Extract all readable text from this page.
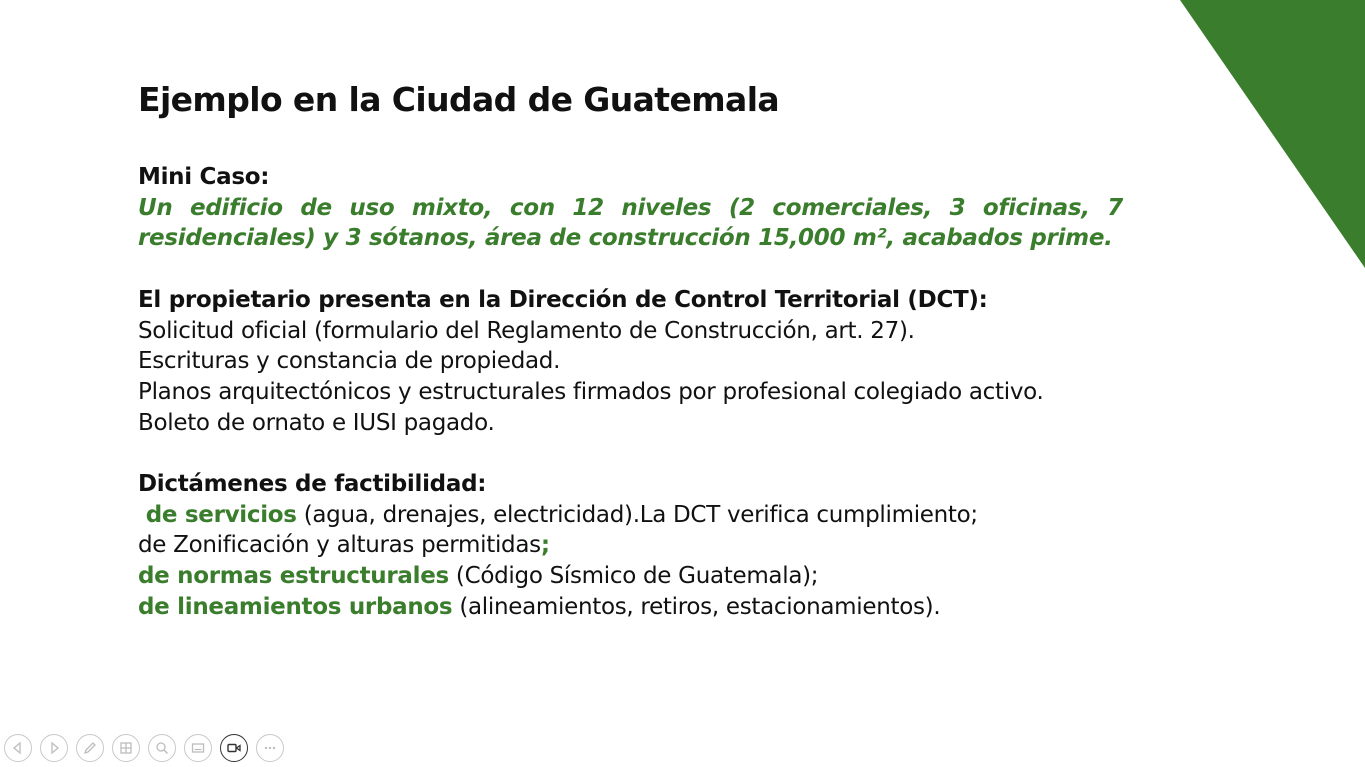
Ejemplo en la Ciudad de Guatemala

Mini Caso:

Un edificio de uso mixto, con 12 niveles (2 comerciales, 3 oficinas, 7 residenciales) y 3 sótanos, área de construcción 15,000 m², acabados prime.

El propietario presenta en la Dirección de Control Territorial (DCT):

Solicitud oficial (formulario del Reglamento de Construcción, art. 27).

Escrituras y constancia de propiedad.

Planos arquitectónicos y estructurales firmados por profesional colegiado activo.

Boleto de ornato e IUSI pagado.

Dictámenes de factibilidad:

de servicios (agua, drenajes, electricidad).La DCT verifica cumplimiento;

de Zonificación y alturas permitidas;

de normas estructurales (Código Sísmico de Guatemala);

de lineamientos urbanos (alineamientos, retiros, estacionamientos).
